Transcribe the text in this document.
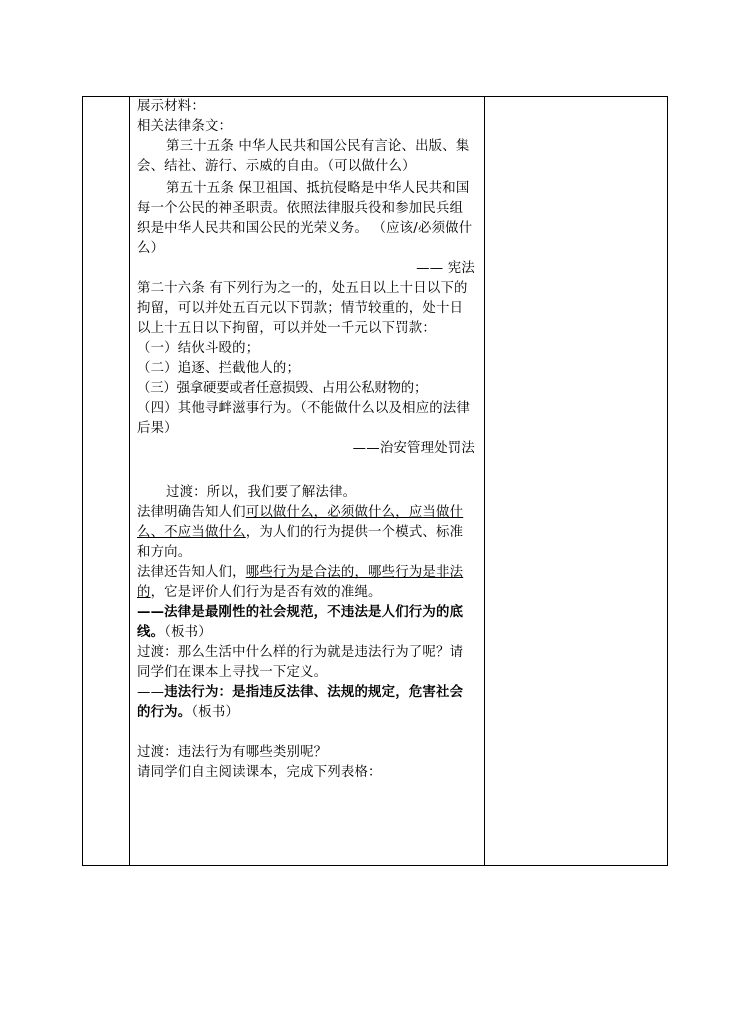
展示材料：

相关法律条文：

第三十五条 中华人民共和国公民有言论、出版、集会、结社、游行、示威的自由。（可以做什么）

第五十五条 保卫祖国、抵抗侵略是中华人民共和国每一个公民的神圣职责。依照法律服兵役和参加民兵组织是中华人民共和国公民的光荣义务。 （应该/必须做什么）

—— 宪法

第二十六条 有下列行为之一的，处五日以上十日以下的拘留，可以并处五百元以下罚款；情节较重的，处十日以上十五日以下拘留，可以并处一千元以下罚款：

（一）结伙斗殴的；

（二）追逐、拦截他人的；

（三）强拿硬要或者任意损毁、占用公私财物的；

（四）其他寻衅滋事行为。（不能做什么以及相应的法律后果）

——治安管理处罚法

过渡：所以，我们要了解法律。

法律明确告知人们可以做什么，必须做什么，应当做什么、不应当做什么，为人们的行为提供一个模式、标准和方向。

法律还告知人们，哪些行为是合法的，哪些行为是非法的，它是评价人们行为是否有效的准绳。

——法律是最刚性的社会规范，不违法是人们行为的底线。（板书）

过渡：那么生活中什么样的行为就是违法行为了呢？请同学们在课本上寻找一下定义。

——违法行为：是指违反法律、法规的规定，危害社会的行为。（板书）

过渡：违法行为有哪些类别呢？

请同学们自主阅读课本，完成下列表格：
